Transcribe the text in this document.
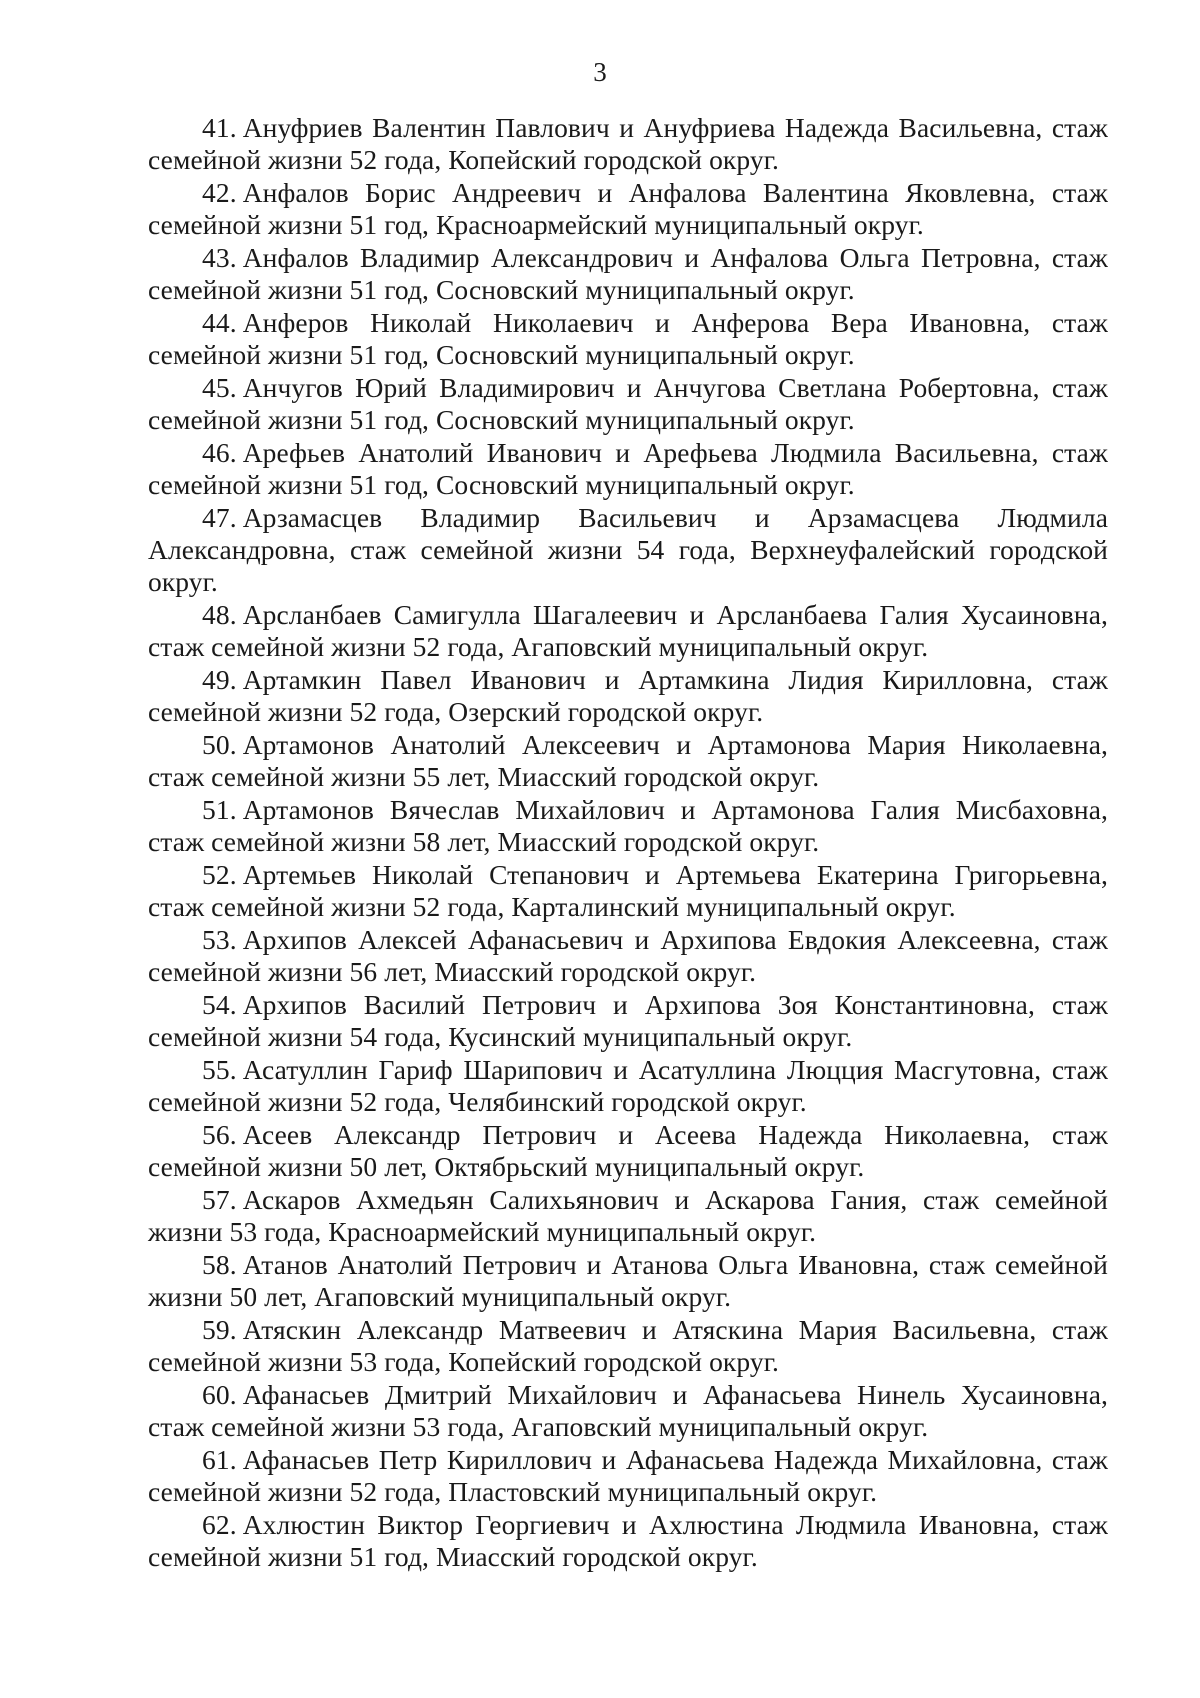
3

41. Ануфриев Валентин Павлович и Ануфриева Надежда Васильевна, стаж семейной жизни 52 года, Копейский городской округ.

42. Анфалов Борис Андреевич и Анфалова Валентина Яковлевна, стаж семейной жизни 51 год, Красноармейский муниципальный округ.

43. Анфалов Владимир Александрович и Анфалова Ольга Петровна, стаж семейной жизни 51 год, Сосновский муниципальный округ.

44. Анферов Николай Николаевич и Анферова Вера Ивановна, стаж семейной жизни 51 год, Сосновский муниципальный округ.

45. Анчугов Юрий Владимирович и Анчугова Светлана Робертовна, стаж семейной жизни 51 год, Сосновский муниципальный округ.

46. Арефьев Анатолий Иванович и Арефьева Людмила Васильевна, стаж семейной жизни 51 год, Сосновский муниципальный округ.

47. Арзамасцев Владимир Васильевич и Арзамасцева Людмила Александровна, стаж семейной жизни 54 года, Верхнеуфалейский городской округ.

48. Арсланбаев Самигулла Шагалеевич и Арсланбаева Галия Хусаиновна, стаж семейной жизни 52 года, Агаповский муниципальный округ.

49. Артамкин Павел Иванович и Артамкина Лидия Кирилловна, стаж семейной жизни 52 года, Озерский городской округ.

50. Артамонов Анатолий Алексеевич и Артамонова Мария Николаевна, стаж семейной жизни 55 лет, Миасский городской округ.

51. Артамонов Вячеслав Михайлович и Артамонова Галия Мисбаховна, стаж семейной жизни 58 лет, Миасский городской округ.

52. Артемьев Николай Степанович и Артемьева Екатерина Григорьевна, стаж семейной жизни 52 года, Карталинский муниципальный округ.

53. Архипов Алексей Афанасьевич и Архипова Евдокия Алексеевна, стаж семейной жизни 56 лет, Миасский городской округ.

54. Архипов Василий Петрович и Архипова Зоя Константиновна, стаж семейной жизни 54 года, Кусинский муниципальный округ.

55. Асатуллин Гариф Шарипович и Асатуллина Люцция Масгутовна, стаж семейной жизни 52 года, Челябинский городской округ.

56. Асеев Александр Петрович и Асеева Надежда Николаевна, стаж семейной жизни 50 лет, Октябрьский муниципальный округ.

57. Аскаров Ахмедьян Салихьянович и Аскарова Гания, стаж семейной жизни 53 года, Красноармейский муниципальный округ.

58. Атанов Анатолий Петрович и Атанова Ольга Ивановна, стаж семейной жизни 50 лет, Агаповский муниципальный округ.

59. Атяскин Александр Матвеевич и Атяскина Мария Васильевна, стаж семейной жизни 53 года, Копейский городской округ.

60. Афанасьев Дмитрий Михайлович и Афанасьева Нинель Хусаиновна, стаж семейной жизни 53 года, Агаповский муниципальный округ.

61. Афанасьев Петр Кириллович и Афанасьева Надежда Михайловна, стаж семейной жизни 52 года, Пластовский муниципальный округ.

62. Ахлюстин Виктор Георгиевич и Ахлюстина Людмила Ивановна, стаж семейной жизни 51 год, Миасский городской округ.
